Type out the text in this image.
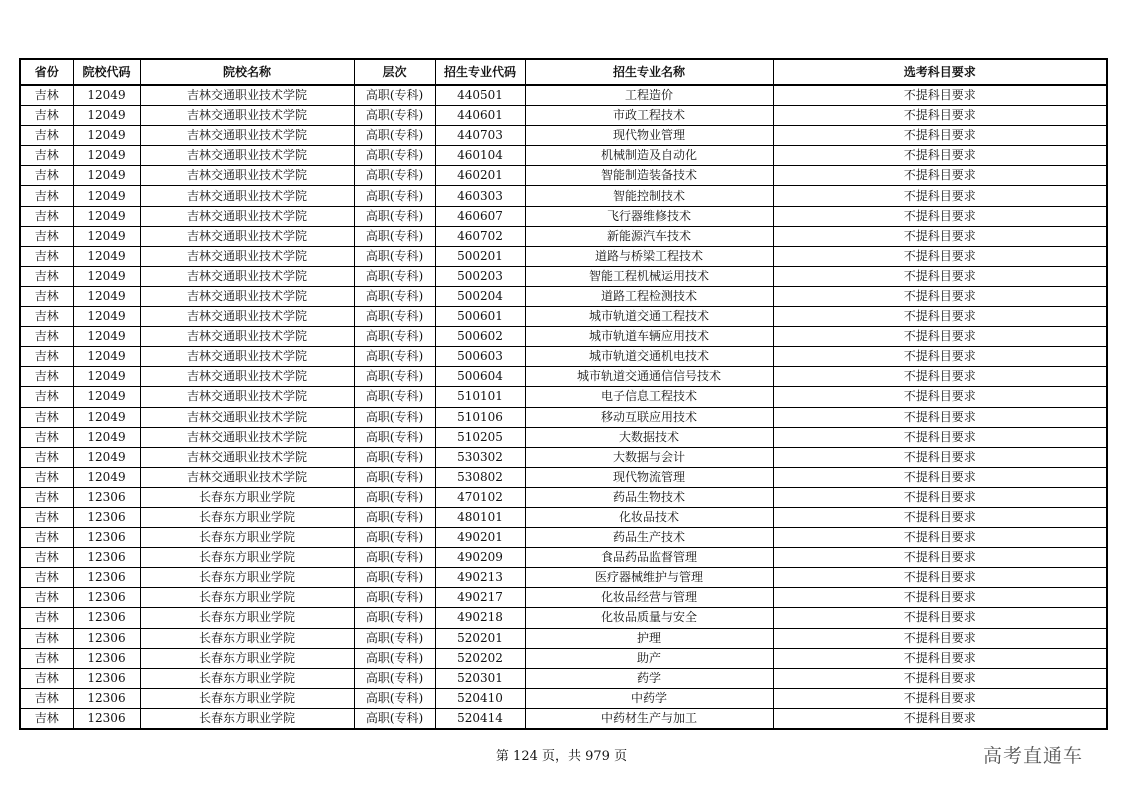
省份	院校代码	院校名称	层次	招生专业代码	招生专业名称	选考科目要求
吉林	12049	吉林交通职业技术学院	高职(专科)	440501	工程造价	不提科目要求
吉林	12049	吉林交通职业技术学院	高职(专科)	440601	市政工程技术	不提科目要求
吉林	12049	吉林交通职业技术学院	高职(专科)	440703	现代物业管理	不提科目要求
吉林	12049	吉林交通职业技术学院	高职(专科)	460104	机械制造及自动化	不提科目要求
吉林	12049	吉林交通职业技术学院	高职(专科)	460201	智能制造装备技术	不提科目要求
吉林	12049	吉林交通职业技术学院	高职(专科)	460303	智能控制技术	不提科目要求
吉林	12049	吉林交通职业技术学院	高职(专科)	460607	飞行器维修技术	不提科目要求
吉林	12049	吉林交通职业技术学院	高职(专科)	460702	新能源汽车技术	不提科目要求
吉林	12049	吉林交通职业技术学院	高职(专科)	500201	道路与桥梁工程技术	不提科目要求
吉林	12049	吉林交通职业技术学院	高职(专科)	500203	智能工程机械运用技术	不提科目要求
吉林	12049	吉林交通职业技术学院	高职(专科)	500204	道路工程检测技术	不提科目要求
吉林	12049	吉林交通职业技术学院	高职(专科)	500601	城市轨道交通工程技术	不提科目要求
吉林	12049	吉林交通职业技术学院	高职(专科)	500602	城市轨道车辆应用技术	不提科目要求
吉林	12049	吉林交通职业技术学院	高职(专科)	500603	城市轨道交通机电技术	不提科目要求
吉林	12049	吉林交通职业技术学院	高职(专科)	500604	城市轨道交通通信信号技术	不提科目要求
吉林	12049	吉林交通职业技术学院	高职(专科)	510101	电子信息工程技术	不提科目要求
吉林	12049	吉林交通职业技术学院	高职(专科)	510106	移动互联应用技术	不提科目要求
吉林	12049	吉林交通职业技术学院	高职(专科)	510205	大数据技术	不提科目要求
吉林	12049	吉林交通职业技术学院	高职(专科)	530302	大数据与会计	不提科目要求
吉林	12049	吉林交通职业技术学院	高职(专科)	530802	现代物流管理	不提科目要求
吉林	12306	长春东方职业学院	高职(专科)	470102	药品生物技术	不提科目要求
吉林	12306	长春东方职业学院	高职(专科)	480101	化妆品技术	不提科目要求
吉林	12306	长春东方职业学院	高职(专科)	490201	药品生产技术	不提科目要求
吉林	12306	长春东方职业学院	高职(专科)	490209	食品药品监督管理	不提科目要求
吉林	12306	长春东方职业学院	高职(专科)	490213	医疗器械维护与管理	不提科目要求
吉林	12306	长春东方职业学院	高职(专科)	490217	化妆品经营与管理	不提科目要求
吉林	12306	长春东方职业学院	高职(专科)	490218	化妆品质量与安全	不提科目要求
吉林	12306	长春东方职业学院	高职(专科)	520201	护理	不提科目要求
吉林	12306	长春东方职业学院	高职(专科)	520202	助产	不提科目要求
吉林	12306	长春东方职业学院	高职(专科)	520301	药学	不提科目要求
吉林	12306	长春东方职业学院	高职(专科)	520410	中药学	不提科目要求
吉林	12306	长春东方职业学院	高职(专科)	520414	中药材生产与加工	不提科目要求
第 124 页，共 979 页	高考直通车
